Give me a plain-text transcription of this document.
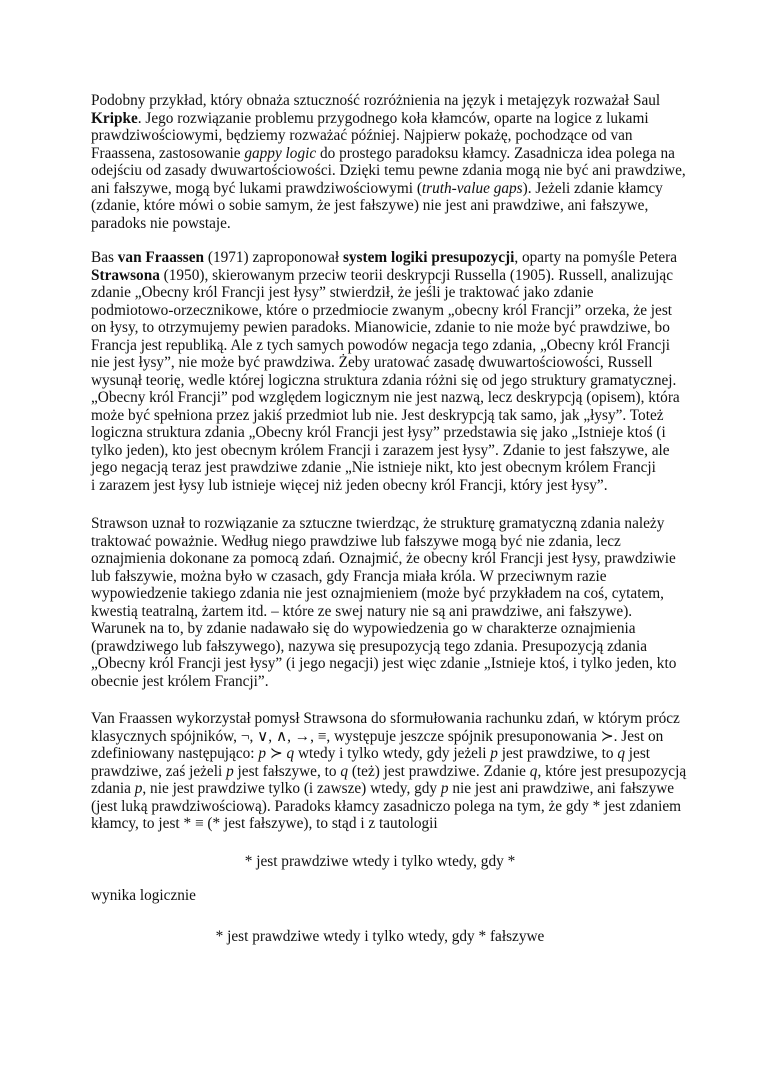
Podobny przykład, który obnaża sztuczność rozróżnienia na język i metajęzyk rozważał Saul
Kripke. Jego rozwiązanie problemu przygodnego koła kłamców, oparte na logice z lukami
prawdziwościowymi, będziemy rozważać później. Najpierw pokażę, pochodzące od van
Fraassena, zastosowanie gappy logic do prostego paradoksu kłamcy. Zasadnicza idea polega na
odejściu od zasady dwuwartościowości. Dzięki temu pewne zdania mogą nie być ani prawdziwe,
ani fałszywe, mogą być lukami prawdziwościowymi (truth-value gaps). Jeżeli zdanie kłamcy
(zdanie, które mówi o sobie samym, że jest fałszywe) nie jest ani prawdziwe, ani fałszywe,
paradoks nie powstaje.
Bas van Fraassen (1971) zaproponował system logiki presupozycji, oparty na pomyśle Petera
Strawsona (1950), skierowanym przeciw teorii deskrypcji Russella (1905). Russell, analizując
zdanie „Obecny król Francji jest łysy” stwierdził, że jeśli je traktować jako zdanie
podmiotowo-orzecznikowe, które o przedmiocie zwanym „obecny król Francji” orzeka, że jest
on łysy, to otrzymujemy pewien paradoks. Mianowicie, zdanie to nie może być prawdziwe, bo
Francja jest republiką. Ale z tych samych powodów negacja tego zdania, „Obecny król Francji
nie jest łysy”, nie może być prawdziwa. Żeby uratować zasadę dwuwartościowości, Russell
wysunął teorię, wedle której logiczna struktura zdania różni się od jego struktury gramatycznej.
„Obecny król Francji” pod względem logicznym nie jest nazwą, lecz deskrypcją (opisem), która
może być spełniona przez jakiś przedmiot lub nie. Jest deskrypcją tak samo, jak „łysy”. Toteż
logiczna struktura zdania „Obecny król Francji jest łysy” przedstawia się jako „Istnieje ktoś (i
tylko jeden), kto jest obecnym królem Francji i zarazem jest łysy”. Zdanie to jest fałszywe, ale
jego negacją teraz jest prawdziwe zdanie „Nie istnieje nikt, kto jest obecnym królem Francji
i zarazem jest łysy lub istnieje więcej niż jeden obecny król Francji, który jest łysy”.
Strawson uznał to rozwiązanie za sztuczne twierdząc, że strukturę gramatyczną zdania należy
traktować poważnie. Według niego prawdziwe lub fałszywe mogą być nie zdania, lecz
oznajmienia dokonane za pomocą zdań. Oznajmić, że obecny król Francji jest łysy, prawdziwie
lub fałszywie, można było w czasach, gdy Francja miała króla. W przeciwnym razie
wypowiedzenie takiego zdania nie jest oznajmieniem (może być przykładem na coś, cytatem,
kwestią teatralną, żartem itd. – które ze swej natury nie są ani prawdziwe, ani fałszywe).
Warunek na to, by zdanie nadawało się do wypowiedzenia go w charakterze oznajmienia
(prawdziwego lub fałszywego), nazywa się presupozycją tego zdania. Presupozycją zdania
„Obecny król Francji jest łysy” (i jego negacji) jest więc zdanie „Istnieje ktoś, i tylko jeden, kto
obecnie jest królem Francji”.
Van Fraassen wykorzystał pomysł Strawsona do sformułowania rachunku zdań, w którym prócz
klasycznych spójników, ¬, ∨, ∧, →, ≡, występuje jeszcze spójnik presuponowania ≻. Jest on
zdefiniowany następująco: p ≻ q wtedy i tylko wtedy, gdy jeżeli p jest prawdziwe, to q jest
prawdziwe, zaś jeżeli p jest fałszywe, to q (też) jest prawdziwe. Zdanie q, które jest presupozycją
zdania p, nie jest prawdziwe tylko (i zawsze) wtedy, gdy p nie jest ani prawdziwe, ani fałszywe
(jest luką prawdziwościową). Paradoks kłamcy zasadniczo polega na tym, że gdy * jest zdaniem
kłamcy, to jest * ≡ (* jest fałszywe), to stąd i z tautologii
* jest prawdziwe wtedy i tylko wtedy, gdy *
wynika logicznie
* jest prawdziwe wtedy i tylko wtedy, gdy * fałszywe
